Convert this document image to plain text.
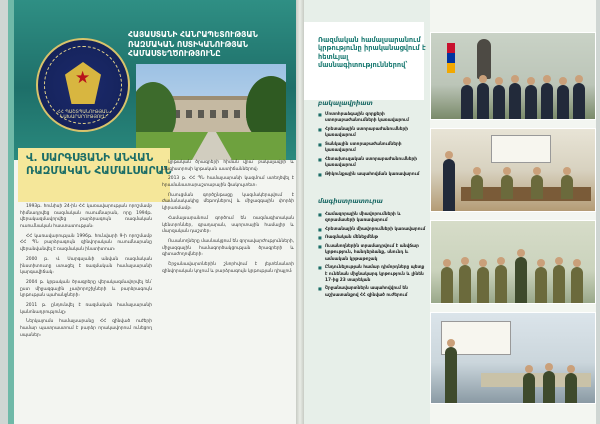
★
ՀՀ ՊԱՇՏՊԱՆՈՒԹՅԱՆ ՆԱԽԱՐԱՐՈՒԹՅՈՒՆ
ՀԱՅԱՍՏԱՆԻ ՀԱՆՐԱՊԵՏՈՒԹՅԱՆ ՌԱԶՄԱԿԱՆ ՈՍՏԻԿԱՆՈՒԹՅԱՆ ՀԱՄԱՍՏԵՂԾՈՒԹՅՈՒՆԸ
Վ. ՍԱՐԳՍՅԱՆԻ ԱՆՎԱՆ ՌԱԶՄԱԿԱՆ ՀԱՄԱԼՍԱՐԱՆ

1993թ. հունիսի 24-ին ՀՀ կառավարության որոշմամբ հիմնադրվեց ռազմական ուսումնարան, որը 1994թ. վերակազմավորվեց բարձրագույն ռազմական ուսումնական հաստատության։

ՀՀ կառավարության 1996թ. հունվարի 9-ի որոշմամբ ՀՀ ՊՆ բարձրագույն զինվորական ուսումնարանը վերանվանվել է ռազմական ինստիտուտ։

2000 թ. Վ. Սարգսյանի անվան ռազմական ինստիտուտը ստացել է ռազմական համալսարանի կարգավիճակ։

2004 թ. կրթական ծրագրերը վերակազմավորվել են՝ ըստ միջազգային չափորոշիչների և բարձրագույն կրթության պահանջների։

2011 թ. ընդունվել է ռազմական համալսարանի կանոնադրությունը։

Ներկայումս համալսարանը ՀՀ զինված ուժերի համար պատրաստում է բարձր որակավորում ունեցող սպաներ։

կրթական ծրագրերի հիման վրա՝ բակալավրի և մագիստրոսի կրթական աստիճաններով։

2013 թ. ՀՀ ՊՆ համալսարանի կազմում ստեղծվել է հրամանատարաշտաբային ֆակուլտետ։

Ուսուցման գործընթացը կազմակերպվում է ժամանակակից մեթոդներով և միջազգային փորձի կիրառմամբ։

Համալսարանում գործում են ռազմագիտական կենտրոններ, գրադարան, սպորտային համալիր և մարզական դաշտեր։

Ուսանողները մասնակցում են զորավարժությունների, միջազգային համագործակցության ծրագրերի և գիտաժողովների։

Շրջանավարտներին շնորհվում է լեյտենանտի զինվորական կոչում և բարձրագույն կրթության դիպլոմ։

Ռազմական համալսարանում կրթությունը իրականացվում է հետևյալ մասնագիտություններով՝
բակալավրիատ
■ Մոտոհրաձգային զորքերի ստորաբաժանումների կառավարում
■ Հրետանային ստորաբաժանումների կառավարում
■ Տանկային ստորաբաժանումների կառավարում
■ Հետախուզական ստորաբաժանումների կառավարում
■ Թիկունքային ապահովման կառավարում
մագիստրատուրա
■ Համազորային միավորումների և զորամասերի կառավարում
■ Հրետանային միավորումների կառավարում
■ Ռազմական մենեջմենթ
■ Ուսանողներին տրամադրվում է անվճար կրթություն, հանդերձանք, սնունդ և ամսական կրթաթոշակ
■ Ընդունելության համար դիմորդները պետք է ունենան միջնակարգ կրթություն և լինեն 17-ից 23 տարեկան
■ Շրջանավարտներն ապահովվում են աշխատանքով ՀՀ զինված ուժերում
